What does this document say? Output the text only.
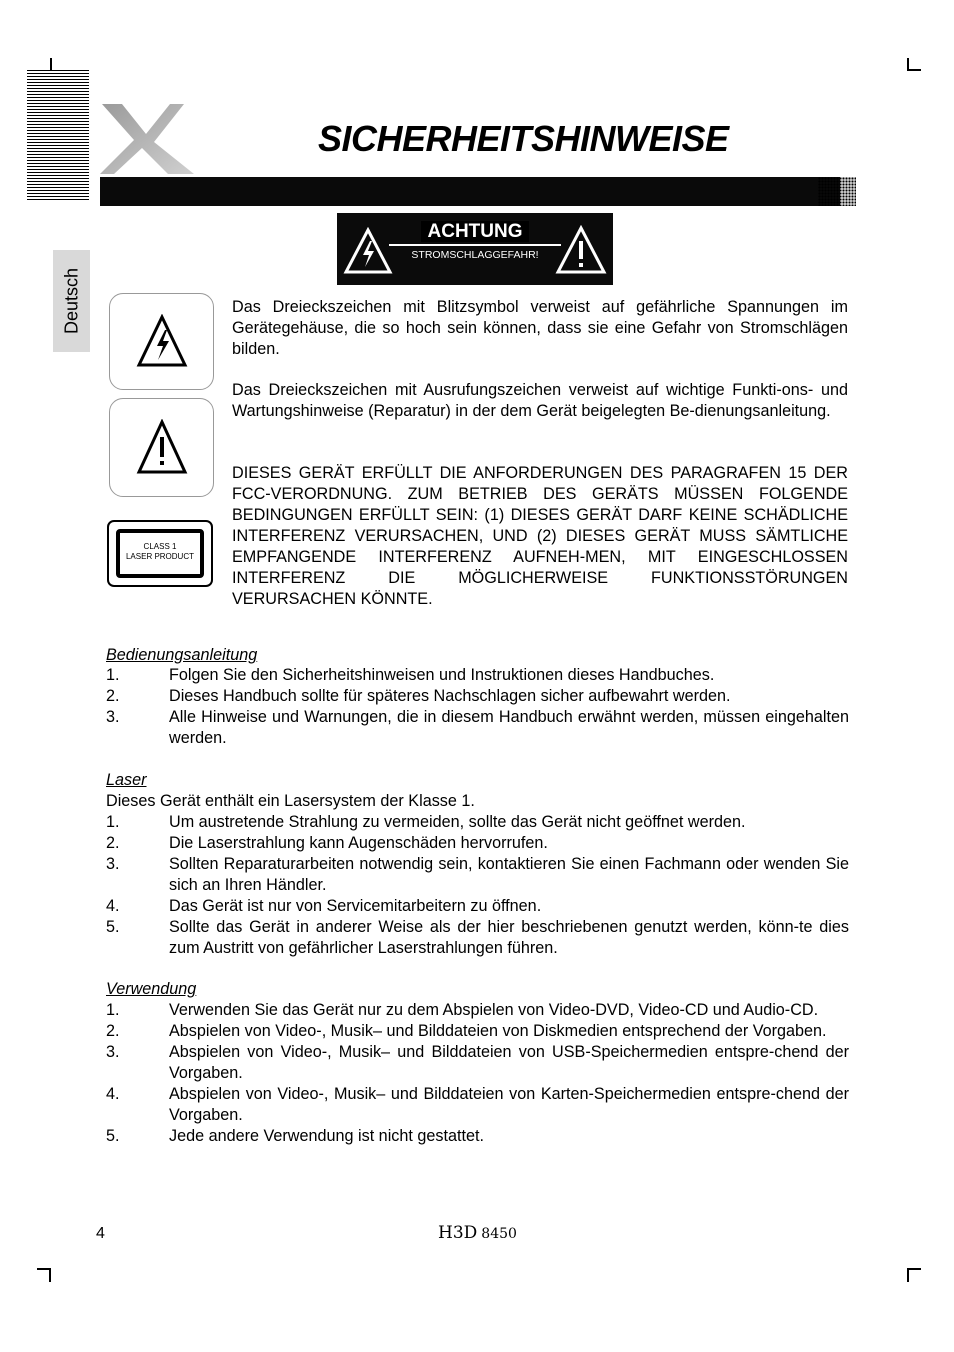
SICHERHEITSHINWEISE
Deutsch
ACHTUNG
STROMSCHLAGGEFAHR!
CLASS 1
LASER PRODUCT
Das Dreieckszeichen mit Blitzsymbol verweist auf gefährliche Spannungen im Gerätegehäuse, die so hoch sein können, dass sie eine Gefahr von Stromschlägen bilden.
Das Dreieckszeichen mit Ausrufungszeichen verweist auf wichtige Funkti-ons- und Wartungshinweise (Reparatur) in der dem Gerät beigelegten Be-dienungsanleitung.
DIESES GERÄT ERFÜLLT DIE ANFORDERUNGEN DES PARAGRAFEN 15 DER FCC-VERORDNUNG. ZUM BETRIEB DES GERÄTS MÜSSEN FOLGENDE BEDINGUNGEN ERFÜLLT SEIN: (1) DIESES GERÄT DARF KEINE SCHÄDLICHE INTERFERENZ VERURSACHEN, UND (2) DIESES GERÄT MUSS SÄMTLICHE EMPFANGENDE INTERFERENZ AUFNEH-MEN, MIT EINGESCHLOSSEN INTERFERENZ DIE MÖGLICHERWEISE FUNKTIONSSTÖRUNGEN VERURSACHEN KÖNNTE.
Bedienungsanleitung
1.	Folgen Sie den Sicherheitshinweisen und Instruktionen dieses Handbuches.
2.	Dieses Handbuch sollte für späteres Nachschlagen sicher aufbewahrt werden.
3.	Alle Hinweise und Warnungen, die in diesem Handbuch erwähnt werden, müssen eingehalten werden.
Laser
Dieses Gerät enthält ein Lasersystem der Klasse 1.
1.	Um austretende Strahlung zu vermeiden, sollte das Gerät nicht geöffnet werden.
2.	Die Laserstrahlung kann Augenschäden hervorrufen.
3.	Sollten Reparaturarbeiten notwendig sein, kontaktieren Sie einen Fachmann oder wenden Sie sich an Ihren Händler.
4.	Das Gerät ist nur von Servicemitarbeitern zu öffnen.
5.	Sollte das Gerät in anderer Weise als der hier beschriebenen genutzt werden, könn-te dies zum Austritt von gefährlicher Laserstrahlungen führen.
Verwendung
1.	Verwenden Sie das Gerät nur zu dem Abspielen von Video-DVD, Video-CD und Audio-CD.
2.	Abspielen von Video-, Musik– und Bilddateien von Diskmedien entsprechend der Vorgaben.
3.	Abspielen von Video-, Musik– und Bilddateien von USB-Speichermedien entspre-chend der Vorgaben.
4.	Abspielen von Video-, Musik– und Bilddateien von Karten-Speichermedien entspre-chend der Vorgaben.
5.	Jede andere Verwendung ist nicht gestattet.
4	H3D 8450
